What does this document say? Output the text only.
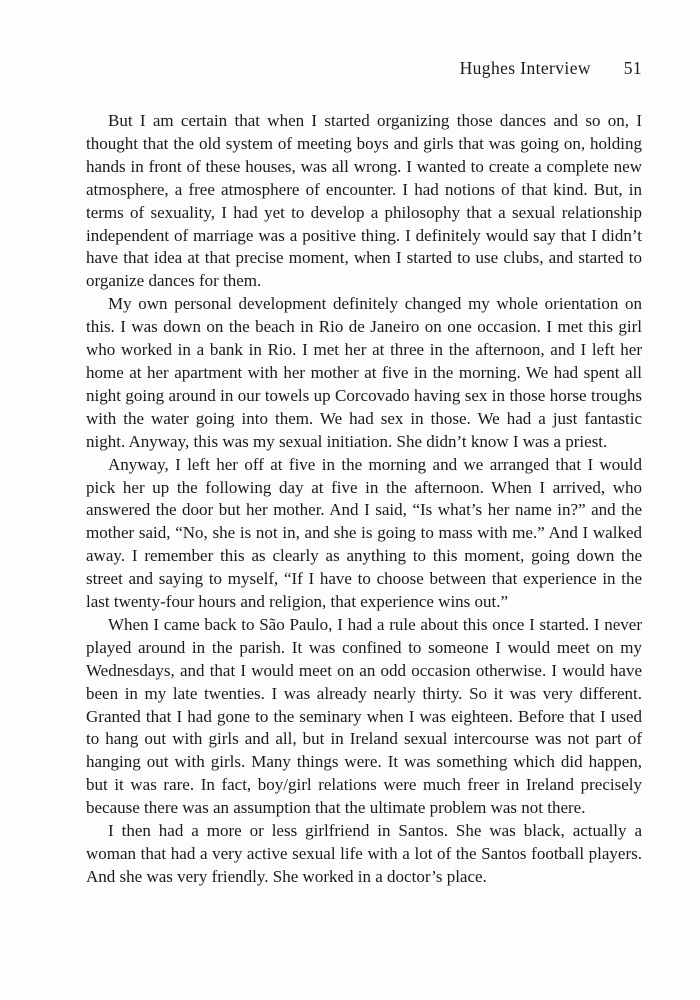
Hughes Interview 51

But I am certain that when I started organizing those dances and so on, I thought that the old system of meeting boys and girls that was going on, holding hands in front of these houses, was all wrong. I wanted to create a complete new atmosphere, a free atmosphere of encounter. I had notions of that kind. But, in terms of sexuality, I had yet to develop a philosophy that a sexual relationship independent of marriage was a positive thing. I definitely would say that I didn’t have that idea at that precise moment, when I started to use clubs, and started to organize dances for them.

My own personal development definitely changed my whole orientation on this. I was down on the beach in Rio de Janeiro on one occasion. I met this girl who worked in a bank in Rio. I met her at three in the afternoon, and I left her home at her apartment with her mother at five in the morning. We had spent all night going around in our towels up Corcovado having sex in those horse troughs with the water going into them. We had sex in those. We had a just fantastic night. Anyway, this was my sexual initiation. She didn’t know I was a priest.

Anyway, I left her off at five in the morning and we arranged that I would pick her up the following day at five in the afternoon. When I arrived, who answered the door but her mother. And I said, “Is what’s her name in?” and the mother said, “No, she is not in, and she is going to mass with me.” And I walked away. I remember this as clearly as anything to this moment, going down the street and saying to myself, “If I have to choose between that experience in the last twenty-four hours and religion, that experience wins out.”

When I came back to São Paulo, I had a rule about this once I started. I never played around in the parish. It was confined to someone I would meet on my Wednesdays, and that I would meet on an odd occasion otherwise. I would have been in my late twenties. I was already nearly thirty. So it was very different. Granted that I had gone to the seminary when I was eighteen. Before that I used to hang out with girls and all, but in Ireland sexual intercourse was not part of hanging out with girls. Many things were. It was something which did happen, but it was rare. In fact, boy/girl relations were much freer in Ireland precisely because there was an assumption that the ultimate problem was not there.

I then had a more or less girlfriend in Santos. She was black, actually a woman that had a very active sexual life with a lot of the Santos football players. And she was very friendly. She worked in a doctor’s place.
